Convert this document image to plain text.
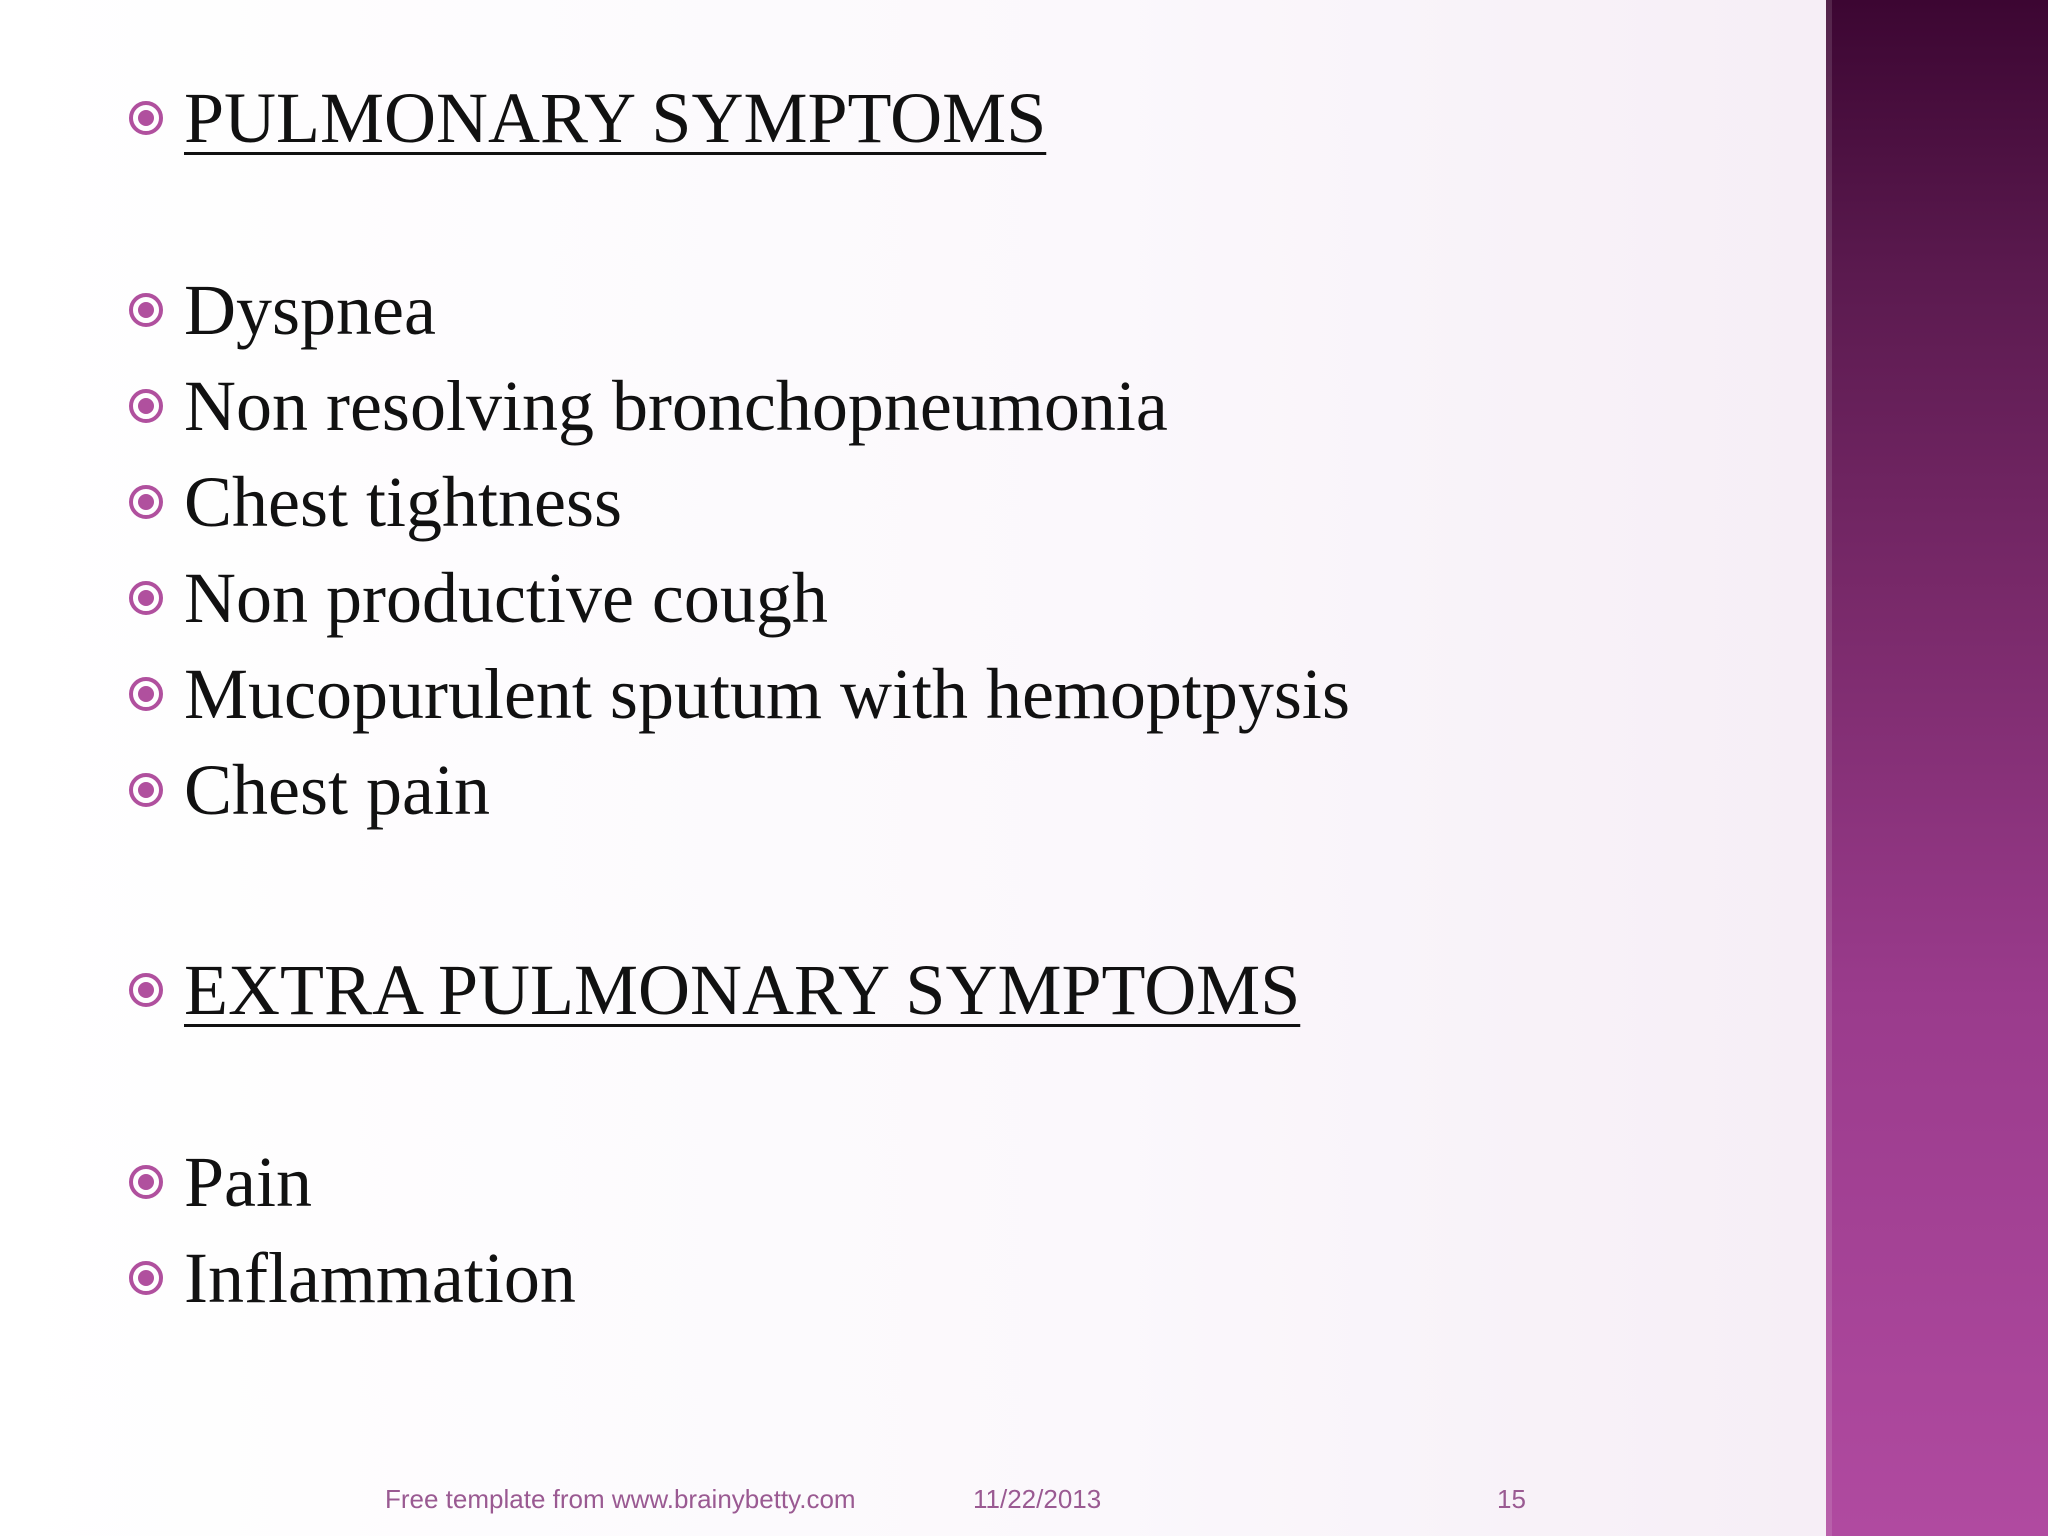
PULMONARY SYMPTOMS
Dyspnea
Non resolving bronchopneumonia
Chest tightness
Non productive cough
Mucopurulent sputum with hemoptpysis
Chest pain
EXTRA PULMONARY SYMPTOMS
Pain
Inflammation
Free template from www.brainybetty.com	11/22/2013	15
